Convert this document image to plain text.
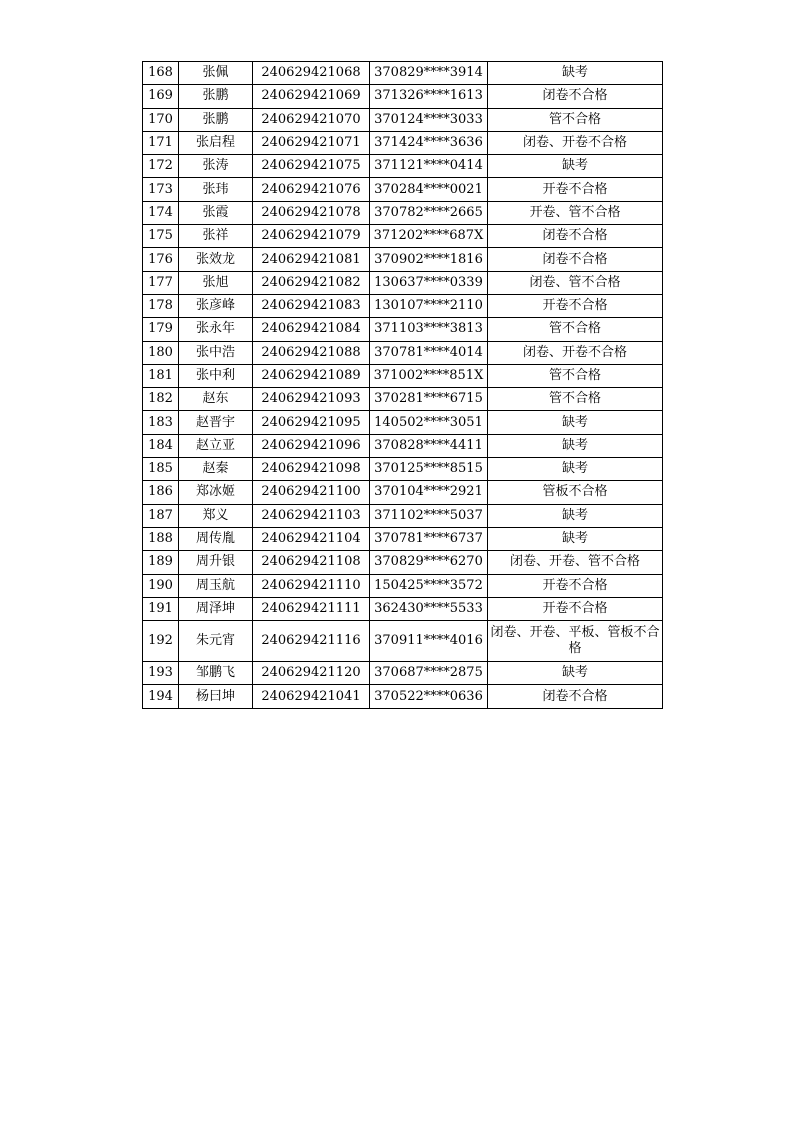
168	张佩	240629421068	370829****3914	缺考
169	张鹏	240629421069	371326****1613	闭卷不合格
170	张鹏	240629421070	370124****3033	管不合格
171	张启程	240629421071	371424****3636	闭卷、开卷不合格
172	张涛	240629421075	371121****0414	缺考
173	张玮	240629421076	370284****0021	开卷不合格
174	张霞	240629421078	370782****2665	开卷、管不合格
175	张祥	240629421079	371202****687X	闭卷不合格
176	张效龙	240629421081	370902****1816	闭卷不合格
177	张旭	240629421082	130637****0339	闭卷、管不合格
178	张彦峰	240629421083	130107****2110	开卷不合格
179	张永年	240629421084	371103****3813	管不合格
180	张中浩	240629421088	370781****4014	闭卷、开卷不合格
181	张中利	240629421089	371002****851X	管不合格
182	赵东	240629421093	370281****6715	管不合格
183	赵晋宇	240629421095	140502****3051	缺考
184	赵立亚	240629421096	370828****4411	缺考
185	赵秦	240629421098	370125****8515	缺考
186	郑冰姬	240629421100	370104****2921	管板不合格
187	郑义	240629421103	371102****5037	缺考
188	周传胤	240629421104	370781****6737	缺考
189	周升银	240629421108	370829****6270	闭卷、开卷、管不合格
190	周玉航	240629421110	150425****3572	开卷不合格
191	周泽坤	240629421111	362430****5533	开卷不合格
192	朱元宵	240629421116	370911****4016	闭卷、开卷、平板、管板不合格
193	邹鹏飞	240629421120	370687****2875	缺考
194	杨曰坤	240629421041	370522****0636	闭卷不合格
